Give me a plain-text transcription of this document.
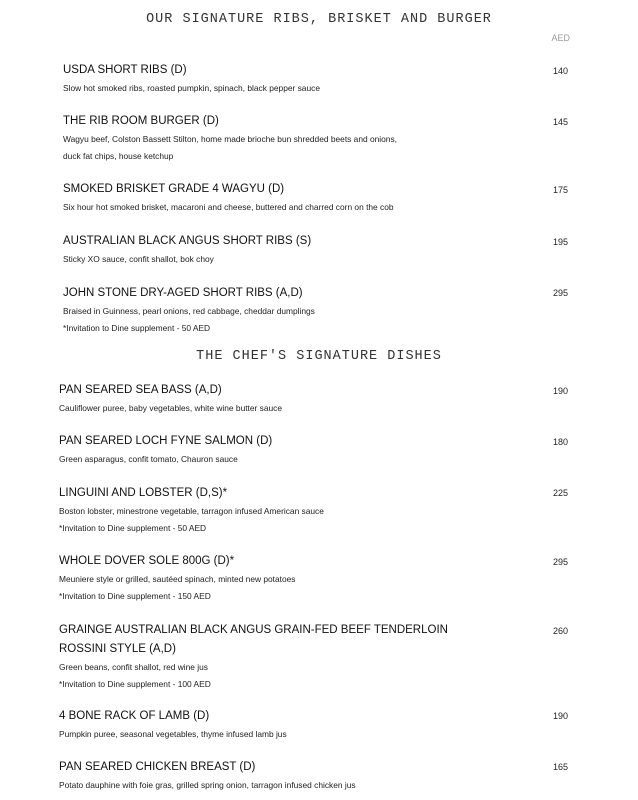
OUR SIGNATURE RIBS, BRISKET AND BURGER
AED
USDA SHORT RIBS (D)
Slow hot smoked ribs, roasted pumpkin, spinach, black pepper sauce
140
THE RIB ROOM BURGER (D)
Wagyu beef, Colston Bassett Stilton, home made brioche bun shredded beets and onions,
duck fat chips, house ketchup
145
SMOKED BRISKET GRADE 4 WAGYU (D)
Six hour hot smoked brisket, macaroni and cheese, buttered and charred corn on the cob
175
AUSTRALIAN BLACK ANGUS SHORT RIBS (S)
Sticky XO sauce, confit shallot, bok choy
195
JOHN STONE DRY-AGED SHORT RIBS (A,D)
Braised in Guinness, pearl onions, red cabbage, cheddar dumplings
*Invitation to Dine supplement - 50 AED
295
THE CHEF'S SIGNATURE DISHES
PAN SEARED SEA BASS (A,D)
Cauliflower puree, baby vegetables, white wine butter sauce
190
PAN SEARED LOCH FYNE SALMON (D)
Green asparagus, confit tomato, Chauron sauce
180
LINGUINI AND LOBSTER (D,S)*
Boston lobster, minestrone vegetable, tarragon infused American sauce
*Invitation to Dine supplement - 50 AED
225
WHOLE DOVER SOLE 800G (D)*
Meuniere style or grilled, sautéed spinach, minted new potatoes
*Invitation to Dine supplement - 150 AED
295
GRAINGE AUSTRALIAN BLACK ANGUS GRAIN-FED BEEF TENDERLOIN
ROSSINI STYLE (A,D)
Green beans, confit shallot, red wine jus
*Invitation to Dine supplement - 100 AED
260
4 BONE RACK OF LAMB (D)
Pumpkin puree, seasonal vegetables, thyme infused lamb jus
190
PAN SEARED CHICKEN BREAST (D)
Potato dauphine with foie gras, grilled spring onion, tarragon infused chicken jus
165
